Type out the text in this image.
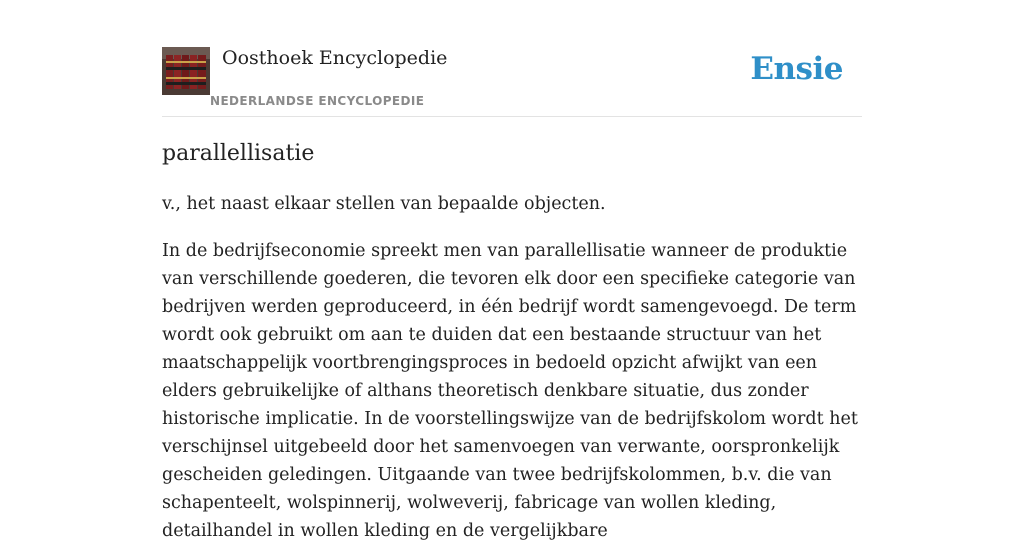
Oosthoek Encyclopedie
NEDERLANDSE ENCYCLOPEDIE
Ensie
parallellisatie

v., het naast elkaar stellen van bepaalde objecten.

In de bedrijfseconomie spreekt men van parallellisatie wanneer de produktie van verschillende goederen, die tevoren elk door een specifieke categorie van bedrijven werden geproduceerd, in één bedrijf wordt samengevoegd. De term wordt ook gebruikt om aan te duiden dat een bestaande structuur van het maatschappelijk voortbrengingsproces in bedoeld opzicht afwijkt van een elders gebruikelijke of althans theoretisch denkbare situatie, dus zonder historische implicatie. In de voorstellingswijze van de bedrijfskolom wordt het verschijnsel uitgebeeld door het samenvoegen van verwante, oorspronkelijk gescheiden geledingen. Uitgaande van twee bedrijfskolommen, b.v. die van schapenteelt, wolspinnerij, wolweverij, fabricage van wollen kleding, detailhandel in wollen kleding en de vergelijkbare
